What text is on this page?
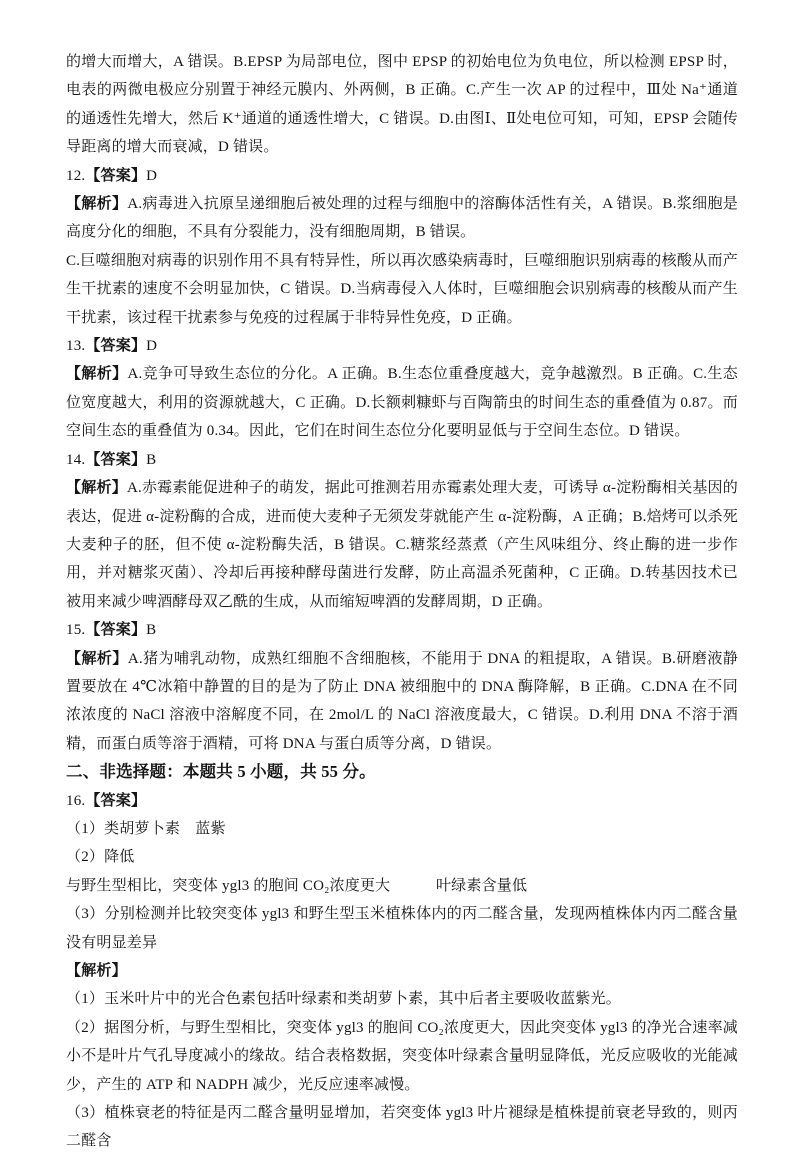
的增大而增大，A 错误。B.EPSP 为局部电位，图中 EPSP 的初始电位为负电位，所以检测 EPSP 时，电表的两微电极应分别置于神经元膜内、外两侧，B 正确。C.产生一次 AP 的过程中，Ⅲ处 Na⁺通道的通透性先增大，然后 K⁺通道的通透性增大，C 错误。D.由图Ⅰ、Ⅱ处电位可知，可知，EPSP 会随传导距离的增大而衰减，D 错误。

12.【答案】D

【解析】A.病毒进入抗原呈递细胞后被处理的过程与细胞中的溶酶体活性有关，A 错误。B.浆细胞是高度分化的细胞，不具有分裂能力，没有细胞周期，B 错误。

C.巨噬细胞对病毒的识别作用不具有特异性，所以再次感染病毒时，巨噬细胞识别病毒的核酸从而产生干扰素的速度不会明显加快，C 错误。D.当病毒侵入人体时，巨噬细胞会识别病毒的核酸从而产生干扰素，该过程干扰素参与免疫的过程属于非特异性免疫，D 正确。

13.【答案】D

【解析】A.竞争可导致生态位的分化。A 正确。B.生态位重叠度越大，竞争越激烈。B 正确。C.生态位宽度越大，利用的资源就越大，C 正确。D.长额刺糠虾与百陶箭虫的时间生态的重叠值为 0.87。而空间生态的重叠值为 0.34。因此，它们在时间生态位分化要明显低与于空间生态位。D 错误。

14.【答案】B

【解析】A.赤霉素能促进种子的萌发，据此可推测若用赤霉素处理大麦，可诱导 α-淀粉酶相关基因的表达，促进 α-淀粉酶的合成，进而使大麦种子无须发芽就能产生 α-淀粉酶，A 正确；B.焙烤可以杀死大麦种子的胚，但不使 α-淀粉酶失活，B 错误。C.糖浆经蒸煮（产生风味组分、终止酶的进一步作用，并对糖浆灭菌）、冷却后再接种酵母菌进行发酵，防止高温杀死菌种，C 正确。D.转基因技术已被用来减少啤酒酵母双乙酰的生成，从而缩短啤酒的发酵周期，D 正确。

15.【答案】B

【解析】A.猪为哺乳动物，成熟红细胞不含细胞核，不能用于 DNA 的粗提取，A 错误。B.研磨液静置要放在 4℃冰箱中静置的目的是为了防止 DNA 被细胞中的 DNA 酶降解，B 正确。C.DNA 在不同浓浓度的 NaCl 溶液中溶解度不同，在 2mol/L 的 NaCl 溶液度最大，C 错误。D.利用 DNA 不溶于酒精，而蛋白质等溶于酒精，可将 DNA 与蛋白质等分离，D 错误。

二、非选择题：本题共 5 小题，共 55 分。

16.【答案】

（1）类胡萝卜素　蓝紫

（2）降低

与野生型相比，突变体 ygl3 的胞间 CO₂浓度更大　　　叶绿素含量低

（3）分别检测并比较突变体 ygl3 和野生型玉米植株体内的丙二醛含量，发现两植株体内丙二醛含量没有明显差异

【解析】

（1）玉米叶片中的光合色素包括叶绿素和类胡萝卜素，其中后者主要吸收蓝紫光。

（2）据图分析，与野生型相比，突变体 ygl3 的胞间 CO₂浓度更大，因此突变体 ygl3 的净光合速率减小不是叶片气孔导度减小的缘故。结合表格数据，突变体叶绿素含量明显降低，光反应吸收的光能减少，产生的 ATP 和 NADPH 减少，光反应速率减慢。

（3）植株衰老的特征是丙二醛含量明显增加，若突变体 ygl3 叶片褪绿是植株提前衰老导致的，则丙二醛含
